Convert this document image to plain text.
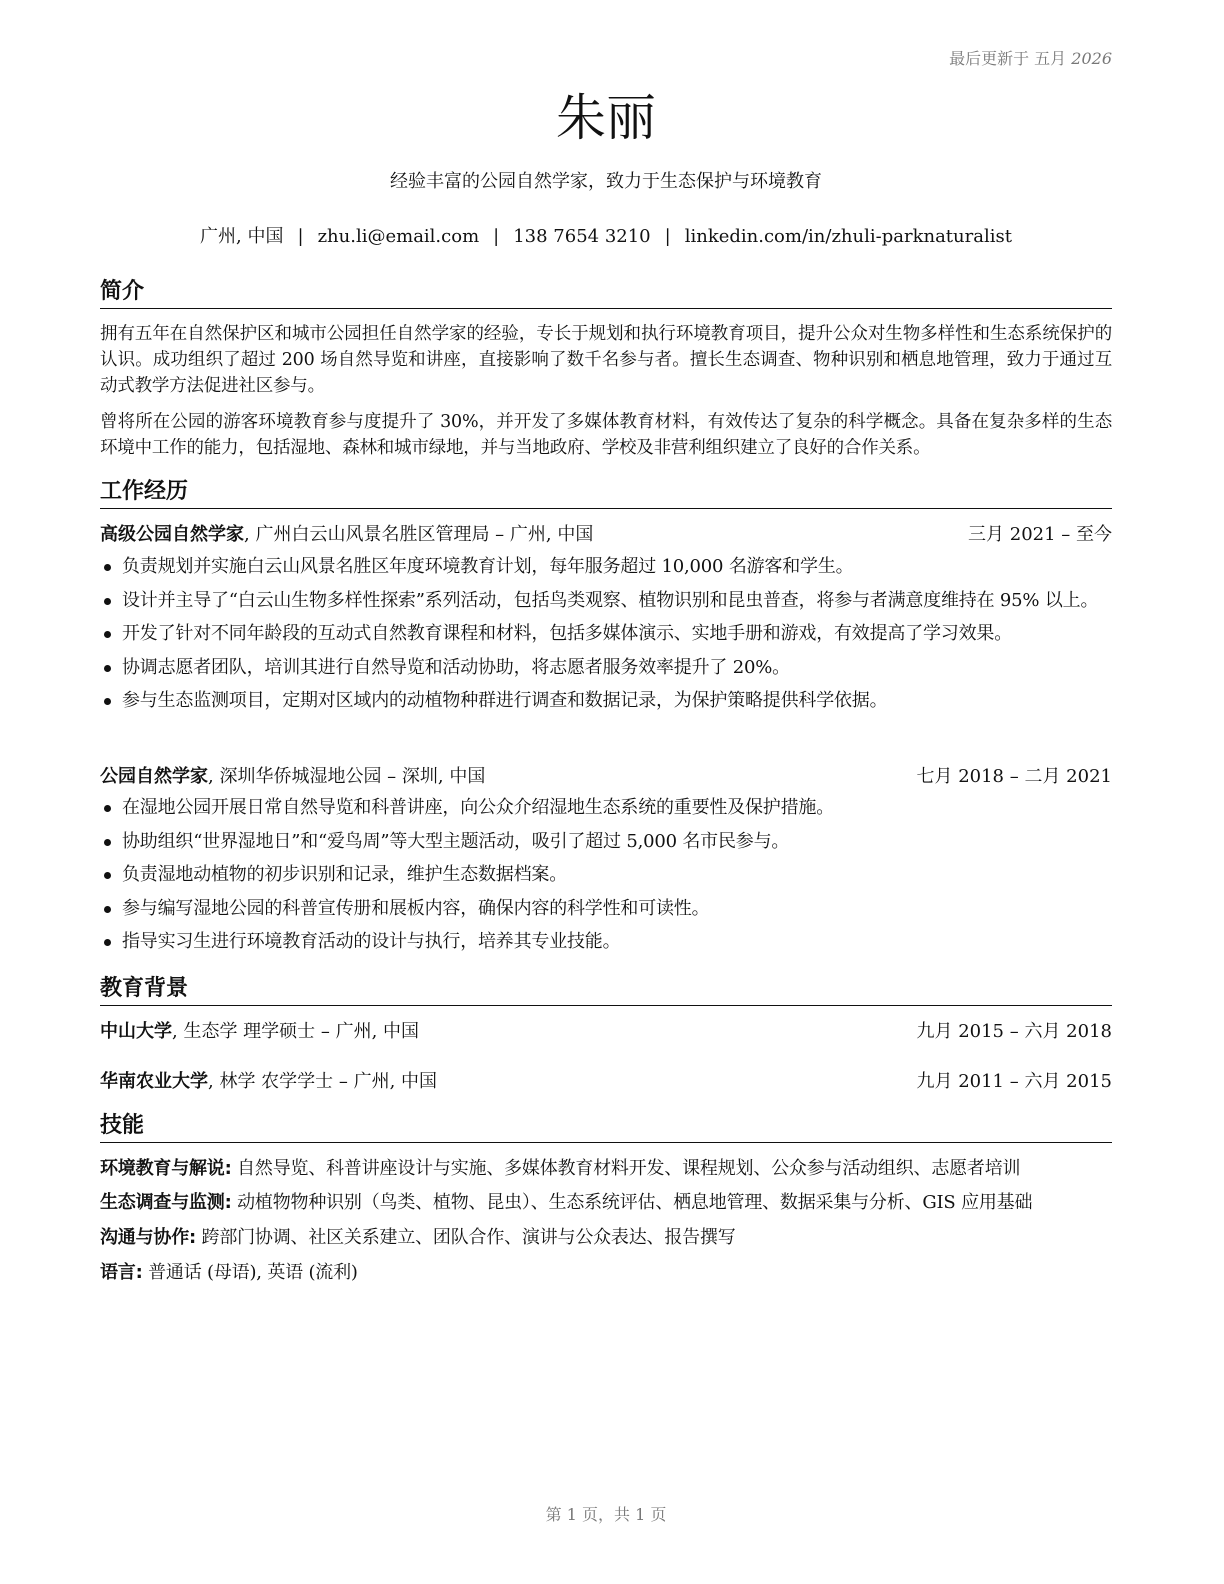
最后更新于 五月 2026
朱丽
经验丰富的公园自然学家，致力于生态保护与环境教育
广州, 中国 | zhu.li@email.com | 138 7654 3210 | linkedin.com/in/zhuli-parknaturalist
简介
拥有五年在自然保护区和城市公园担任自然学家的经验，专长于规划和执行环境教育项目，提升公众对生物多样性和生态系统保护的认识。成功组织了超过 200 场自然导览和讲座，直接影响了数千名参与者。擅长生态调查、物种识别和栖息地管理，致力于通过互动式教学方法促进社区参与。
曾将所在公园的游客环境教育参与度提升了 30%，并开发了多媒体教育材料，有效传达了复杂的科学概念。具备在复杂多样的生态环境中工作的能力，包括湿地、森林和城市绿地，并与当地政府、学校及非营利组织建立了良好的合作关系。
工作经历
高级公园自然学家, 广州白云山风景名胜区管理局 – 广州, 中国	三月 2021 – 至今
负责规划并实施白云山风景名胜区年度环境教育计划，每年服务超过 10,000 名游客和学生。
设计并主导了“白云山生物多样性探索”系列活动，包括鸟类观察、植物识别和昆虫普查，将参与者满意度维持在 95% 以上。
开发了针对不同年龄段的互动式自然教育课程和材料，包括多媒体演示、实地手册和游戏，有效提高了学习效果。
协调志愿者团队，培训其进行自然导览和活动协助，将志愿者服务效率提升了 20%。
参与生态监测项目，定期对区域内的动植物种群进行调查和数据记录，为保护策略提供科学依据。
公园自然学家, 深圳华侨城湿地公园 – 深圳, 中国	七月 2018 – 二月 2021
在湿地公园开展日常自然导览和科普讲座，向公众介绍湿地生态系统的重要性及保护措施。
协助组织“世界湿地日”和“爱鸟周”等大型主题活动，吸引了超过 5,000 名市民参与。
负责湿地动植物的初步识别和记录，维护生态数据档案。
参与编写湿地公园的科普宣传册和展板内容，确保内容的科学性和可读性。
指导实习生进行环境教育活动的设计与执行，培养其专业技能。
教育背景
中山大学, 生态学 理学硕士 – 广州, 中国	九月 2015 – 六月 2018
华南农业大学, 林学 农学学士 – 广州, 中国	九月 2011 – 六月 2015
技能
环境教育与解说: 自然导览、科普讲座设计与实施、多媒体教育材料开发、课程规划、公众参与活动组织、志愿者培训
生态调查与监测: 动植物物种识别（鸟类、植物、昆虫）、生态系统评估、栖息地管理、数据采集与分析、GIS 应用基础
沟通与协作: 跨部门协调、社区关系建立、团队合作、演讲与公众表达、报告撰写
语言: 普通话 (母语), 英语 (流利)
第 1 页，共 1 页
